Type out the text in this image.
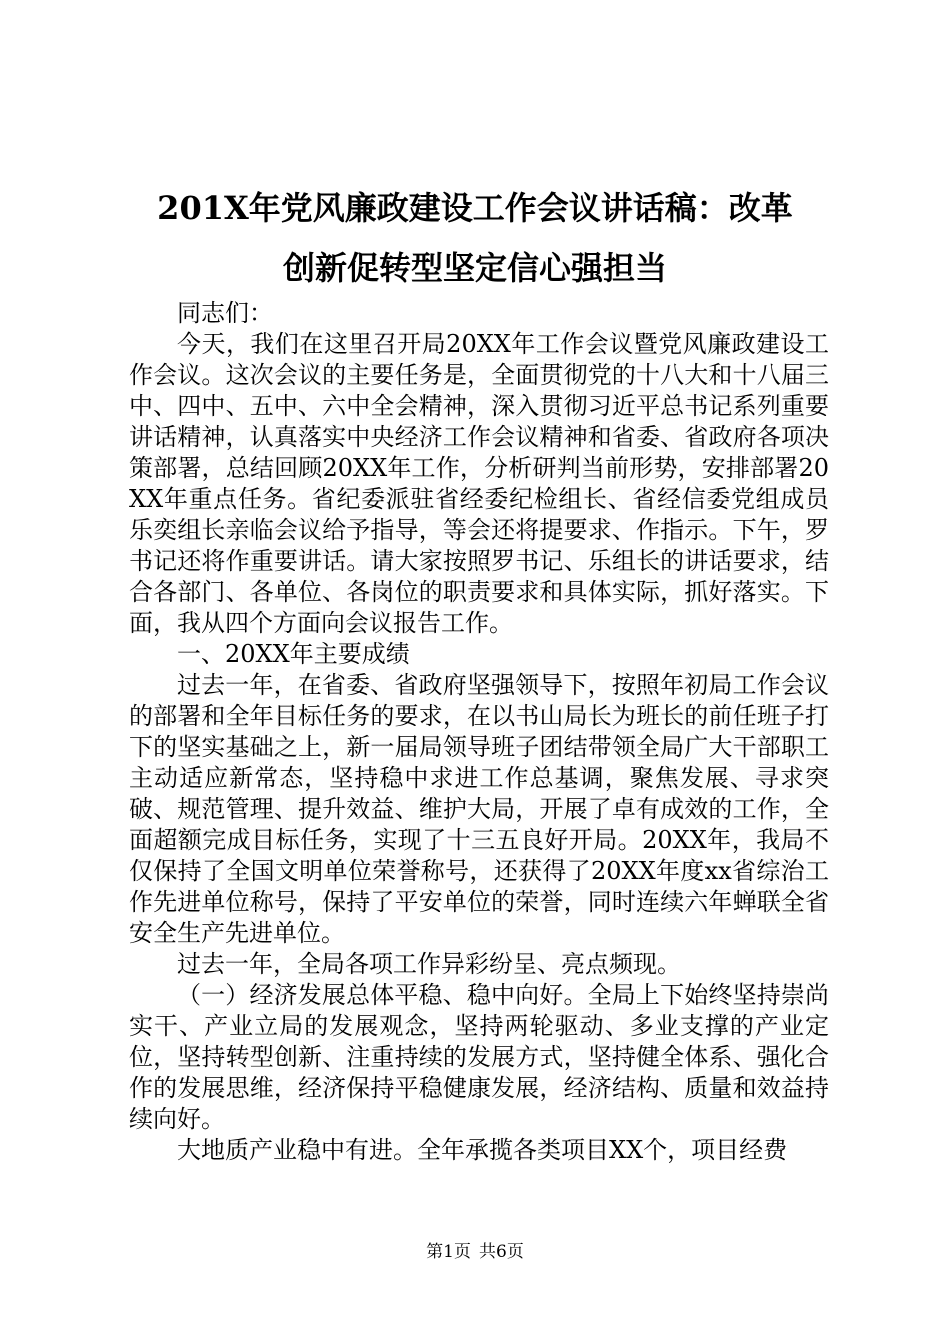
201X年党风廉政建设工作会议讲话稿：改革
创新促转型坚定信心强担当

同志们：

今天，我们在这里召开局20XX年工作会议暨党风廉政建设工作会议。这次会议的主要任务是，全面贯彻党的十八大和十八届三中、四中、五中、六中全会精神，深入贯彻习近平总书记系列重要讲话精神，认真落实中央经济工作会议精神和省委、省政府各项决策部署，总结回顾20XX年工作，分析研判当前形势，安排部署20XX年重点任务。省纪委派驻省经委纪检组长、省经信委党组成员乐奕组长亲临会议给予指导，等会还将提要求、作指示。下午，罗书记还将作重要讲话。请大家按照罗书记、乐组长的讲话要求，结合各部门、各单位、各岗位的职责要求和具体实际，抓好落实。下面，我从四个方面向会议报告工作。

一、20XX年主要成绩

过去一年，在省委、省政府坚强领导下，按照年初局工作会议的部署和全年目标任务的要求，在以书山局长为班长的前任班子打下的坚实基础之上，新一届局领导班子团结带领全局广大干部职工主动适应新常态，坚持稳中求进工作总基调，聚焦发展、寻求突破、规范管理、提升效益、维护大局，开展了卓有成效的工作，全面超额完成目标任务，实现了十三五良好开局。20XX年，我局不仅保持了全国文明单位荣誉称号，还获得了20XX年度xx省综治工作先进单位称号，保持了平安单位的荣誉，同时连续六年蝉联全省安全生产先进单位。

过去一年，全局各项工作异彩纷呈、亮点频现。

（一）经济发展总体平稳、稳中向好。全局上下始终坚持崇尚实干、产业立局的发展观念，坚持两轮驱动、多业支撑的产业定位，坚持转型创新、注重持续的发展方式，坚持健全体系、强化合作的发展思维，经济保持平稳健康发展，经济结构、质量和效益持续向好。

大地质产业稳中有进。全年承揽各类项目XX个，项目经费

第1页 共6页
